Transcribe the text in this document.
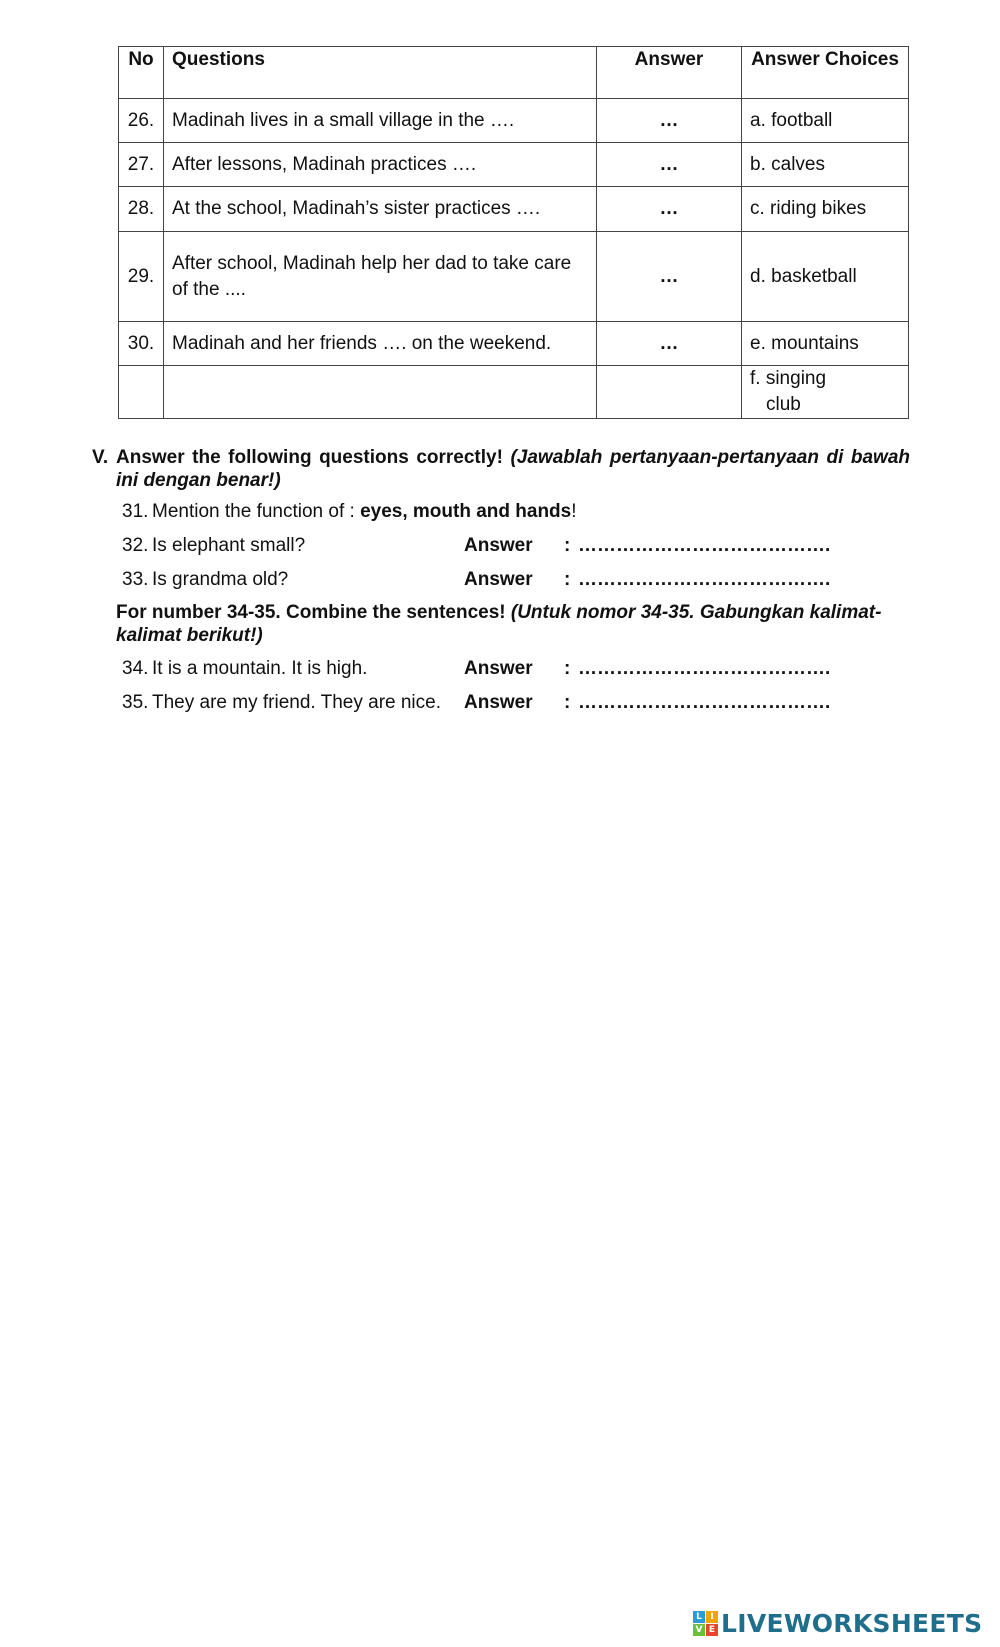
No	Questions	Answer	Answer Choices
26.	Madinah lives in a small village in the ….	…	a. football
27.	After lessons, Madinah practices ….	…	b. calves
28.	At the school, Madinah’s sister practices ….	…	c. riding bikes
29.	After school, Madinah help her dad to take care of the ....	…	d. basketball
30.	Madinah and her friends …. on the weekend.	…	e. mountains

			f. singing
club
V. Answer the following questions correctly! (Jawablah pertanyaan-pertanyaan di bawah ini dengan benar!)
31. Mention the function of : eyes, mouth and hands!
32. Is elephant small?	Answer : ………………………………….
33. Is grandma old?	Answer : ………………………………….
For number 34-35. Combine the sentences! (Untuk nomor 34-35. Gabungkan kalimat-kalimat berikut!)
34. It is a mountain. It is high.	Answer : ………………………………….
35. They are my friend. They are nice. Answer : ………………………………….
L I
V E LIVEWORKSHEETS
